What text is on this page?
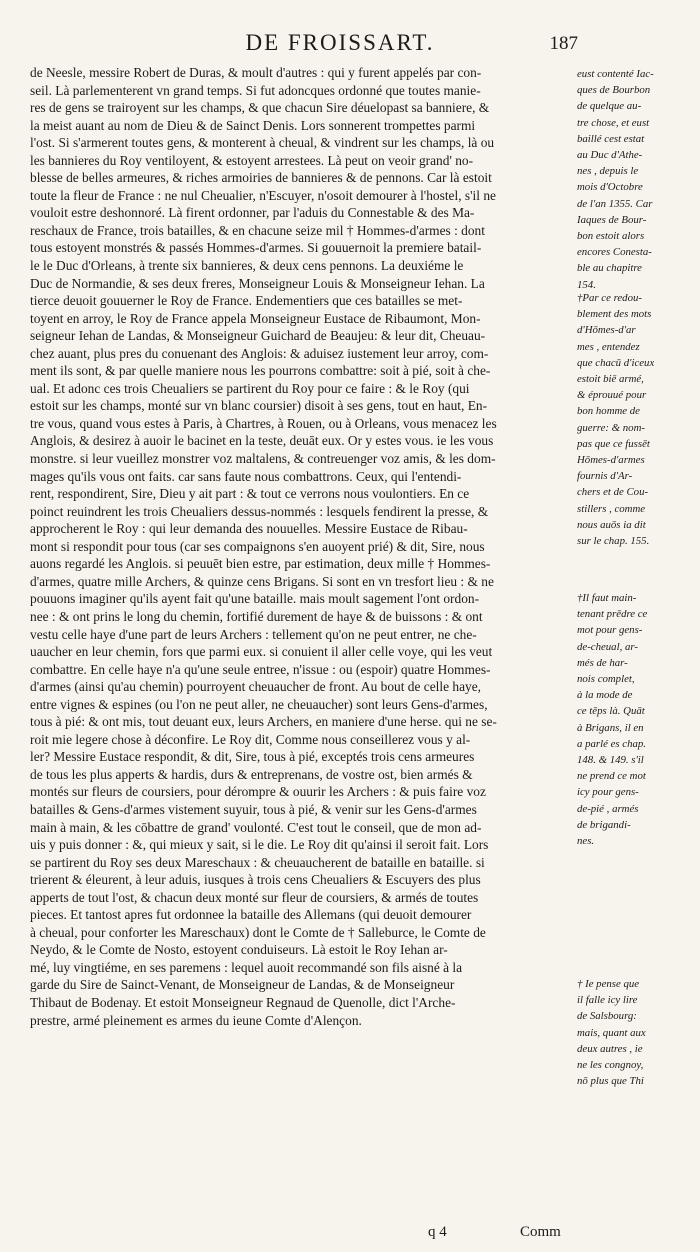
DE FROISSART.	187
de Neesle, messire Robert de Duras, & moult d'autres : qui y furent appelés par con-
seil. Là parlementerent vn grand temps. Si fut adoncques ordonné que toutes manie-
res de gens se trairoyent sur les champs, & que chacun Sire déuelopast sa banniere, &
la meist auant au nom de Dieu & de Sainct Denis. Lors sonnerent trompettes parmi
l'ost. Si s'armerent toutes gens, & monterent à cheual, & vindrent sur les champs, là ou
les bannieres du Roy ventiloyent, & estoyent arrestees. Là peut on veoir grand' no-
blesse de belles armeures, & riches armoiries de bannieres & de pennons. Car là estoit
toute la fleur de France : ne nul Cheualier, n'Escuyer, n'osoit demourer à l'hostel, s'il ne
vouloit estre deshonnoré. Là firent ordonner, par l'aduis du Connestable & des Ma-
reschaux de France, trois batailles, & en chacune seize mil † Hommes-d'armes : dont
tous estoyent monstrés & passés Hommes-d'armes. Si gouuernoit la premiere batail-
le le Duc d'Orleans, à trente six bannieres, & deux cens pennons. La deuxiéme le
Duc de Normandie, & ses deux freres, Monseigneur Louis & Monseigneur Iehan. La
tierce deuoit gouuerner le Roy de France. Endementiers que ces batailles se met-
toyent en arroy, le Roy de France appela Monseigneur Eustace de Ribaumont, Mon-
seigneur Iehan de Landas, & Monseigneur Guichard de Beaujeu: & leur dit, Cheuau-
chez auant, plus pres du conuenant des Anglois: & aduisez iustement leur arroy, com-
ment ils sont, & par quelle maniere nous les pourrons combattre: soit à pié, soit à che-
ual. Et adonc ces trois Cheualiers se partirent du Roy pour ce faire : & le Roy (qui
estoit sur les champs, monté sur vn blanc coursier) disoit à ses gens, tout en haut, En-
tre vous, quand vous estes à Paris, à Chartres, à Rouen, ou à Orleans, vous menacez les
Anglois, & desirez à auoir le bacinet en la teste, deuāt eux. Or y estes vous. ie les vous
monstre. si leur vueillez monstrer voz maltalens, & contreuenger voz amis, & les dom-
mages qu'ils vous ont faits. car sans faute nous combattrons. Ceux, qui l'entendi-
rent, respondirent, Sire, Dieu y ait part : & tout ce verrons nous voulontiers. En ce
poinct reuindrent les trois Cheualiers dessus-nommés : lesquels fendirent la presse, &
approcherent le Roy : qui leur demanda des nouuelles. Messire Eustace de Ribau-
mont si respondit pour tous (car ses compaignons s'en auoyent prié) & dit, Sire, nous
auons regardé les Anglois. si peuuēt bien estre, par estimation, deux mille † Hommes-
d'armes, quatre mille Archers, & quinze cens Brigans. Si sont en vn tresfort lieu : & ne
pouuons imaginer qu'ils ayent fait qu'une bataille. mais moult sagement l'ont ordon-
nee : & ont prins le long du chemin, fortifié durement de haye & de buissons : & ont
vestu celle haye d'une part de leurs Archers : tellement qu'on ne peut entrer, ne che-
uaucher en leur chemin, fors que parmi eux. si conuient il aller celle voye, qui les veut
combattre. En celle haye n'a qu'une seule entree, n'issue : ou (espoir) quatre Hommes-
d'armes (ainsi qu'au chemin) pourroyent cheuaucher de front. Au bout de celle haye,
entre vignes & espines (ou l'on ne peut aller, ne cheuaucher) sont leurs Gens-d'armes,
tous à pié: & ont mis, tout deuant eux, leurs Archers, en maniere d'une herse. qui ne se-
roit mie legere chose à déconfire. Le Roy dit, Comme nous conseillerez vous y al-
ler? Messire Eustace respondit, & dit, Sire, tous à pié, exceptés trois cens armeures
de tous les plus apperts & hardis, durs & entreprenans, de vostre ost, bien armés &
montés sur fleurs de coursiers, pour dérompre & ouurir les Archers : & puis faire voz
batailles & Gens-d'armes vistement suyuir, tous à pié, & venir sur les Gens-d'armes
main à main, & les cōbattre de grand' voulonté. C'est tout le conseil, que de mon ad-
uis y puis donner : &, qui mieux y sait, si le die. Le Roy dit qu'ainsi il seroit fait. Lors
se partirent du Roy ses deux Mareschaux : & cheuaucherent de bataille en bataille. si
trierent & éleurent, à leur aduis, iusques à trois cens Cheualiers & Escuyers des plus
apperts de tout l'ost, & chacun deux monté sur fleur de coursiers, & armés de toutes
pieces. Et tantost apres fut ordonnee la bataille des Allemans (qui deuoit demourer
à cheual, pour conforter les Mareschaux) dont le Comte de † Salleburce, le Comte de
Neydo, & le Comte de Nosto, estoyent conduiseurs. Là estoit le Roy Iehan ar-
mé, luy vingtiéme, en ses paremens : lequel auoit recommandé son fils aisné à la
garde du Sire de Sainct-Venant, de Monseigneur de Landas, & de Monseigneur
Thibaut de Bodenay. Et estoit Monseigneur Regnaud de Quenolle, dict l'Arche-
prestre, armé pleinement es armes du ieune Comte d'Alençon.
eust contenté Iac-
ques de Bourbon
de quelque au-
tre chose, et eust
baillé cest estat
au Duc d'Athe-
nes , depuis le
mois d'Octobre
de l'an 1355. Car
Iaques de Bour-
bon estoit alors
encores Conesta-
ble au chapitre
154.
†Par ce redou-
blement des mots
d'Hōmes-d'ar
mes , entendez
que chacū d'iceux
estoit biē armé,
& éprouué pour
bon homme de
guerre: & nom-
pas que ce fussēt
Hōmes-d'armes
fournis d'Ar-
chers et de Cou-
stillers , comme
nous auōs ia dit
sur le chap. 155.
†Il faut main-
tenant prēdre ce
mot pour gens-
de-cheual, ar-
més de har-
nois complet,
à la mode de
ce tēps là. Quāt
à Brigans, il en
a parlé es chap.
148. & 149. s'il
ne prend ce mot
icy pour gens-
de-pié , armés
de brigandi-
nes.
† Ie pense que
il falle icy lire
de Salsbourg:
mais, quant aux
deux autres , ie
ne les congnoy,
nō plus que Thi
q 4	Comm
